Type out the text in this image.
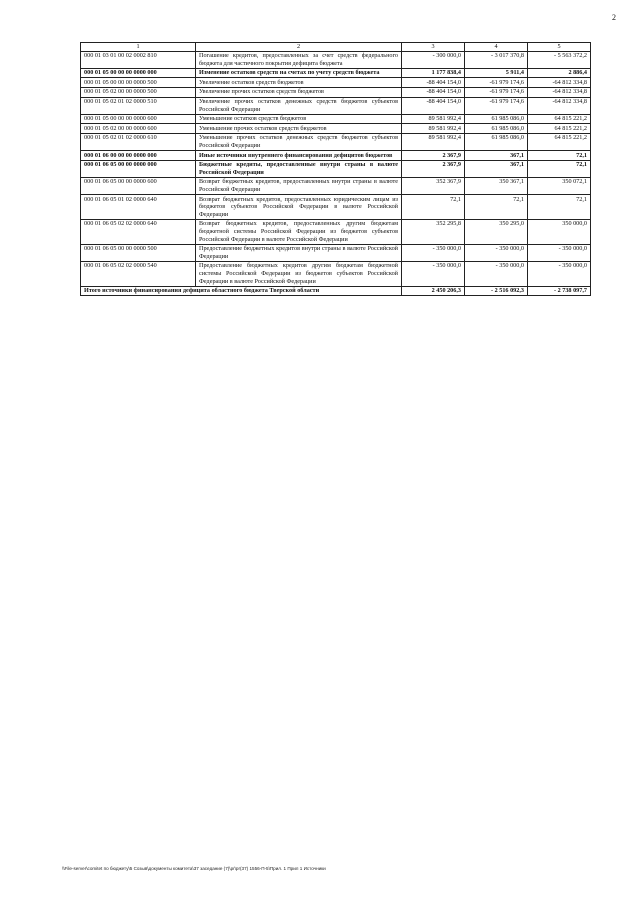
2
1	2	3	4	5
000 01 03 01 00 02 0002 810	Погашение кредитов, предоставленных за счет средств федерального бюджета для частичного покрытия дефицита бюджета	- 300 000,0	- 3 017 370,8	- 5 563 372,2
000 01 05 00 00 00 0000 000	Изменение остатков средств на счетах по учету средств бюджета	1 177 838,4	5 911,4	2 886,4
000 01 05 00 00 00 0000 500	Увеличение остатков средств бюджетов	-88 404 154,0	-61 979 174,6	-64 812 334,8
000 01 05 02 00 00 0000 500	Увеличение прочих остатков средств бюджетов	-88 404 154,0	-61 979 174,6	-64 812 334,8
000 01 05 02 01 02 0000 510	Увеличение прочих остатков денежных средств бюджетов субъектов Российской Федерации	-88 404 154,0	-61 979 174,6	-64 812 334,8
000 01 05 00 00 00 0000 600	Уменьшение остатков средств бюджетов	89 581 992,4	61 985 086,0	64 815 221,2
000 01 05 02 00 00 0000 600	Уменьшение прочих остатков средств бюджетов	89 581 992,4	61 985 086,0	64 815 221,2
000 01 05 02 01 02 0000 610	Уменьшение прочих остатков денежных средств бюджетов субъектов Российской Федерации	89 581 992,4	61 985 086,0	64 815 221,2
000 01 06 00 00 00 0000 000	Иные источники внутреннего финансирования дефицитов бюджетов	2 367,9	367,1	72,1
000 01 06 05 00 00 0000 000	Бюджетные кредиты, предоставленные внутри страны в валюте Российской Федерации	2 367,9	367,1	72,1
000 01 06 05 00 00 0000 600	Возврат бюджетных кредитов, предоставленных внутри страны в валюте Российской Федерации	352 367,9	350 367,1	350 072,1
000 01 06 05 01 02 0000 640	Возврат бюджетных кредитов, предоставленных юридическим лицам из бюджетов субъектов Российской Федерации в валюте Российской Федерации	72,1	72,1	72,1
000 01 06 05 02 02 0000 640	Возврат бюджетных кредитов, предоставленных другим бюджетам бюджетной системы Российской Федерации из бюджетов субъектов Российской Федерации в валюте Российской Федерации	352 295,8	350 295,0	350 000,0
000 01 06 05 00 00 0000 500	Предоставление бюджетных кредитов внутри страны в валюте Российской Федерации	- 350 000,0	- 350 000,0	- 350 000,0
000 01 06 05 02 02 0000 540	Предоставление бюджетных кредитов другим бюджетам бюджетной системы Российской Федерации из бюджетов субъектов Российской Федерации в валюте Российской Федерации	- 350 000,0	- 350 000,0	- 350 000,0
Итого источники финансирования дефицита областного бюджета Тверской области		2 450 206,3	- 2 516 092,3	- 2 738 097,7
\\File-server\comitet по бюджету\5 Созыв\документы комитета\37 заседание (7)\pr\pr(37) 1556-П-5\Прил. 1 Прил 1 Источники
